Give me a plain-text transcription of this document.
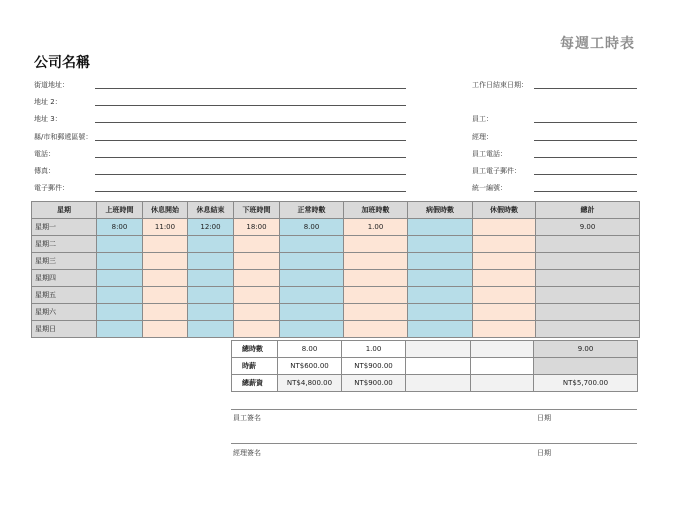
每週工時表
公司名稱
街道地址：
地址 2：
地址 3：
縣/市和郵遞區號：
電話：
傳真：
電子郵件：
工作日結束日期：
員工：
經理：
員工電話：
員工電子郵件：
統一編號：
星期	上班時間	休息開始	休息結束	下班時間	正常時數	加班時數	病假時數	休假時數	總計
星期一	8:00	11:00	12:00	18:00	8.00	1.00			9.00
星期二									
星期三									
星期四									
星期五									
星期六									
星期日									
總時數	8.00	1.00			9.00
時薪	NT$600.00	NT$900.00			
總薪資	NT$4,800.00	NT$900.00			NT$5,700.00
員工簽名	日期
經理簽名	日期
